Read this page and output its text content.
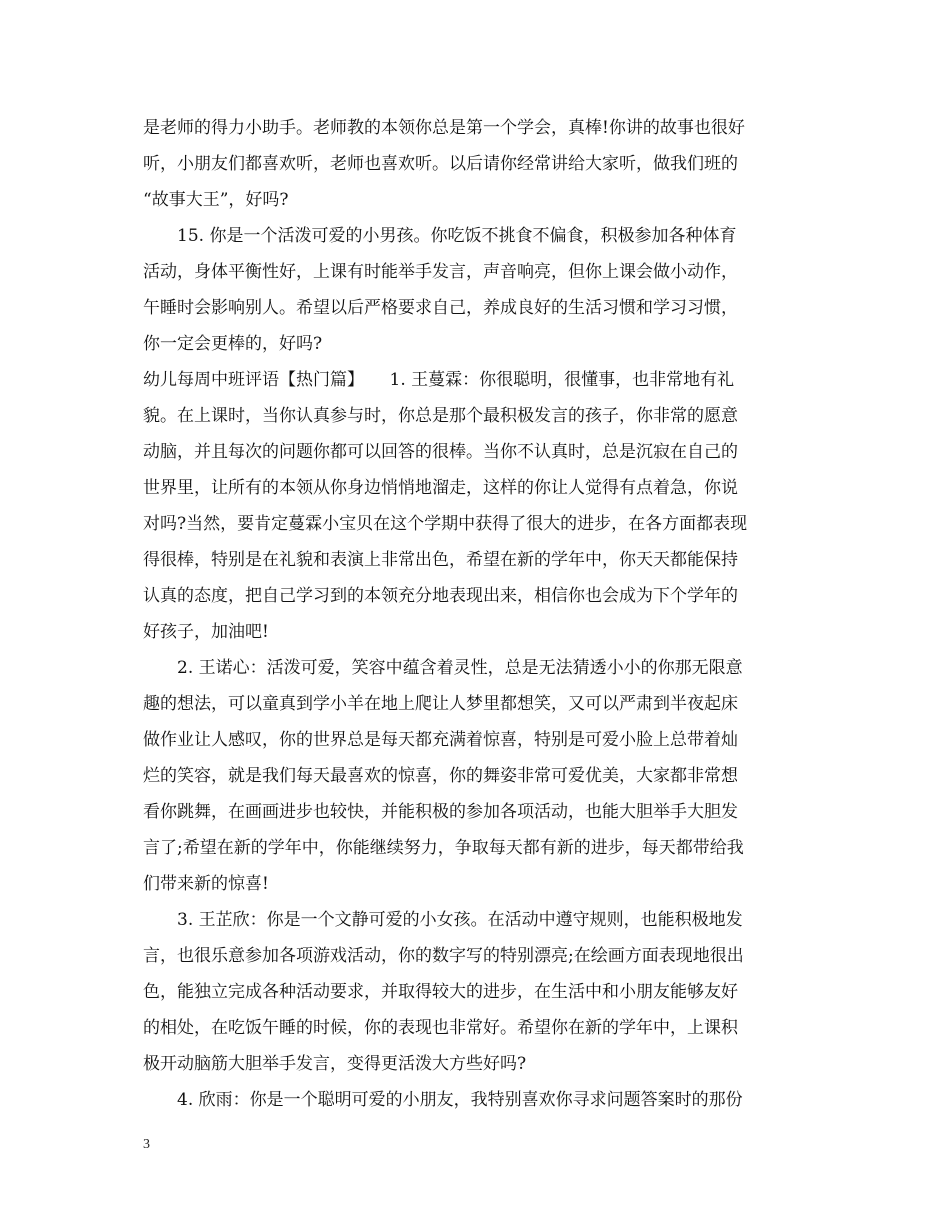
是老师的得力小助手。老师教的本领你总是第一个学会，真棒!你讲的故事也很好
听，小朋友们都喜欢听，老师也喜欢听。以后请你经常讲给大家听，做我们班的
“故事大王”，好吗?
15. 你是一个活泼可爱的小男孩。你吃饭不挑食不偏食，积极参加各种体育
活动，身体平衡性好，上课有时能举手发言，声音响亮，但你上课会做小动作，
午睡时会影响别人。希望以后严格要求自己，养成良好的生活习惯和学习习惯，
你一定会更棒的，好吗?
幼儿每周中班评语【热门篇】　　1. 王蔓霖：你很聪明，很懂事，也非常地有礼
貌。在上课时，当你认真参与时，你总是那个最积极发言的孩子，你非常的愿意
动脑，并且每次的问题你都可以回答的很棒。当你不认真时，总是沉寂在自己的
世界里，让所有的本领从你身边悄悄地溜走，这样的你让人觉得有点着急，你说
对吗?当然，要肯定蔓霖小宝贝在这个学期中获得了很大的进步，在各方面都表现
得很棒，特别是在礼貌和表演上非常出色，希望在新的学年中，你天天都能保持
认真的态度，把自己学习到的本领充分地表现出来，相信你也会成为下个学年的
好孩子，加油吧!
2. 王诺心：活泼可爱，笑容中蕴含着灵性，总是无法猜透小小的你那无限意
趣的想法，可以童真到学小羊在地上爬让人梦里都想笑，又可以严肃到半夜起床
做作业让人感叹，你的世界总是每天都充满着惊喜，特别是可爱小脸上总带着灿
烂的笑容，就是我们每天最喜欢的惊喜，你的舞姿非常可爱优美，大家都非常想
看你跳舞，在画画进步也较快，并能积极的参加各项活动，也能大胆举手大胆发
言了;希望在新的学年中，你能继续努力，争取每天都有新的进步，每天都带给我
们带来新的惊喜!
3. 王芷欣：你是一个文静可爱的小女孩。在活动中遵守规则，也能积极地发
言，也很乐意参加各项游戏活动，你的数字写的特别漂亮;在绘画方面表现地很出
色，能独立完成各种活动要求，并取得较大的进步，在生活中和小朋友能够友好
的相处，在吃饭午睡的时候，你的表现也非常好。希望你在新的学年中，上课积
极开动脑筋大胆举手发言，变得更活泼大方些好吗?
4. 欣雨：你是一个聪明可爱的小朋友，我特别喜欢你寻求问题答案时的那份
3
